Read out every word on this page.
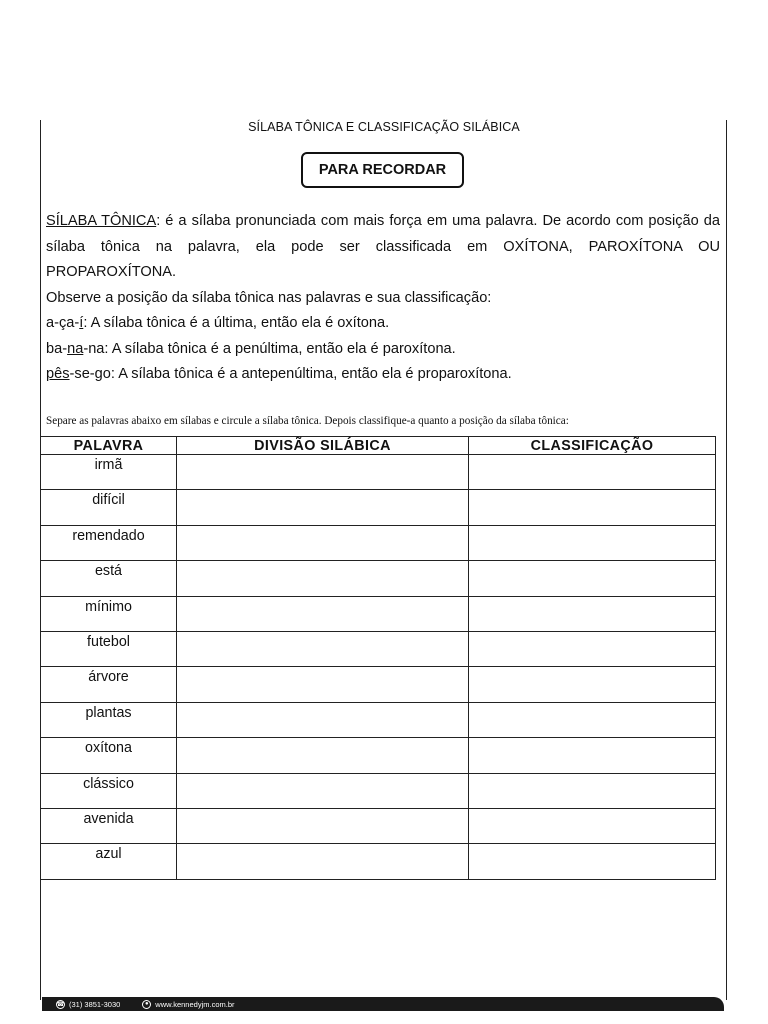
SÍLABA TÔNICA E CLASSIFICAÇÃO SILÁBICA
PARA RECORDAR

SÍLABA TÔNICA: é a sílaba pronunciada com mais força em uma palavra. De acordo com posição da sílaba tônica na palavra, ela pode ser classificada em OXÍTONA, PAROXÍTONA OU PROPAROXÍTONA.

Observe a posição da sílaba tônica nas palavras e sua classificação:

a-ça-í: A sílaba tônica é a última, então ela é oxítona.

ba-na-na: A sílaba tônica é a penúltima, então ela é paroxítona.

pês-se-go: A sílaba tônica é a antepenúltima, então ela é proparoxítona.

Separe as palavras abaixo em sílabas e circule a sílaba tônica. Depois classifique-a quanto a posição da sílaba tônica:
PALAVRA	DIVISÃO SILÁBICA	CLASSIFICAÇÃO
irmã		
difícil		
remendado		
está		
mínimo		
futebol		
árvore		
plantas		
oxítona		
clássico		
avenida		
azul		
☎ (31) 3851-3030	● www.kennedyjm.com.br
